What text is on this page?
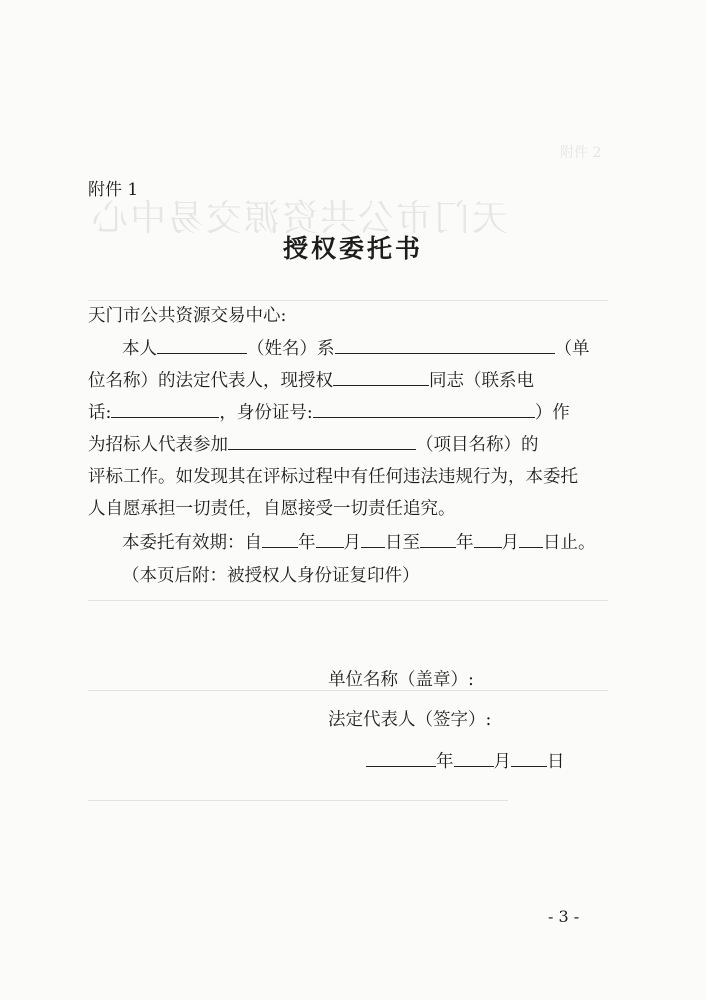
天门市公共资源交易中心
附件 2
附件 1
授权委托书
天门市公共资源交易中心:
本人	（姓名）系	（单
位名称）的法定代表人，现授权	同志（联系电
话:	，身份证号:	）作
为招标人代表参加	（项目名称）的
评标工作。如发现其在评标过程中有任何违法违规行为，本委托
人自愿承担一切责任，自愿接受一切责任追究。
本委托有效期：自 年 月 日至 年 月 日止。
（本页后附：被授权人身份证复印件）
单位名称（盖章）:
法定代表人（签字）:
年 月 日
- 3 -
